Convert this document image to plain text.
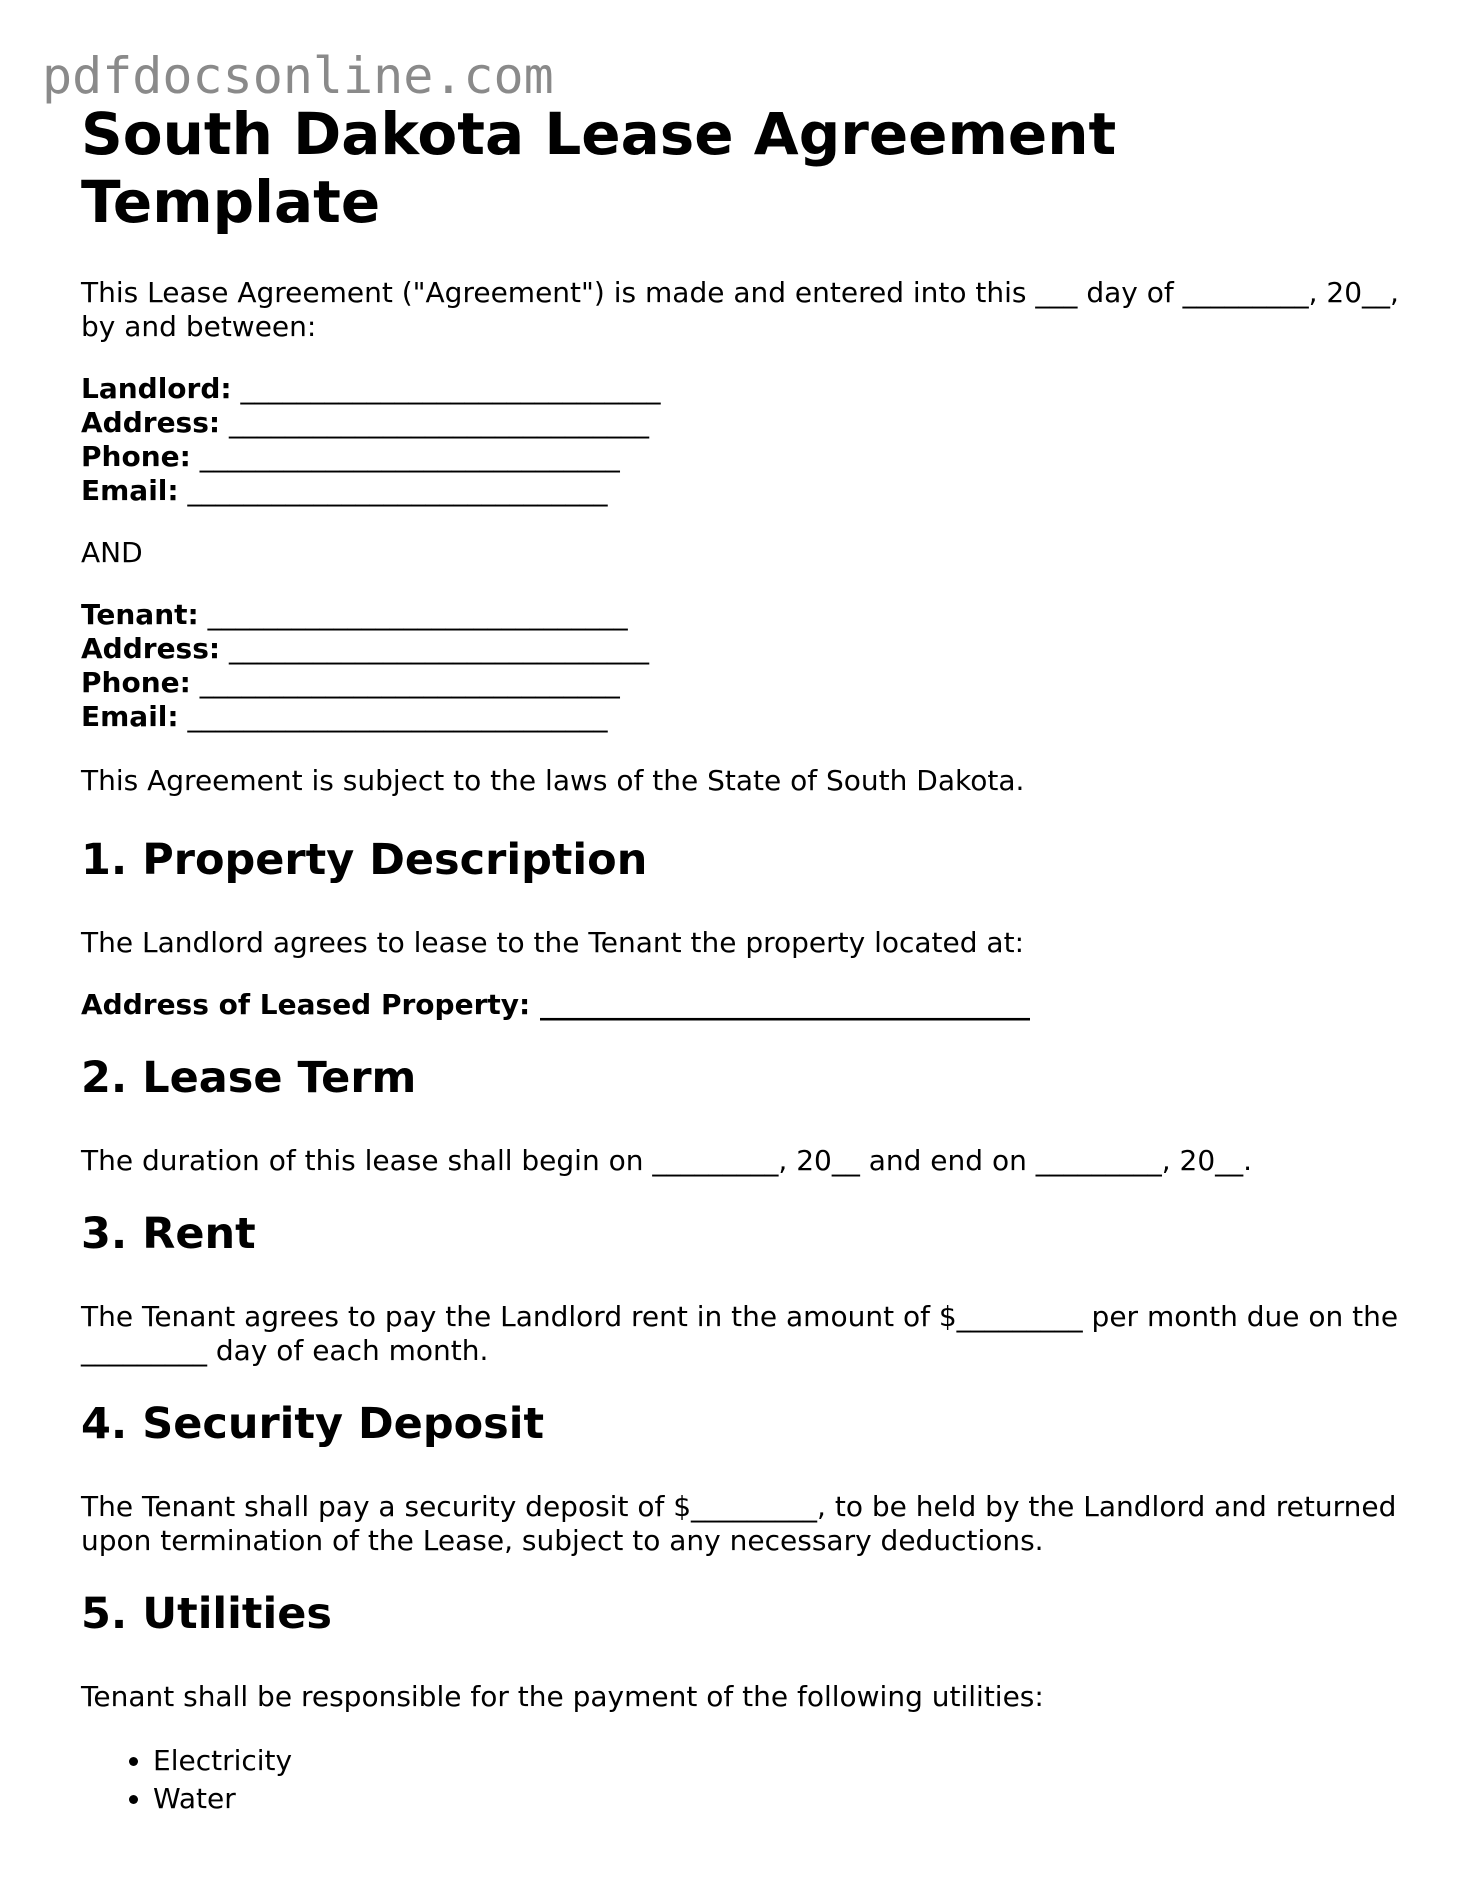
pdfdocsonline.com
South Dakota Lease Agreement Template

This Lease Agreement ("Agreement") is made and entered into this ___ day of _________, 20__, by and between:

Landlord: ______________________________
Address: ______________________________
Phone: ______________________________
Email: ______________________________

AND

Tenant: ______________________________
Address: ______________________________
Phone: ______________________________
Email: ______________________________

This Agreement is subject to the laws of the State of South Dakota.

1. Property Description

The Landlord agrees to lease to the Tenant the property located at:

Address of Leased Property: ___________________________________
2. Lease Term

The duration of this lease shall begin on _________, 20__ and end on _________, 20__.

3. Rent

The Tenant agrees to pay the Landlord rent in the amount of $_________ per month due on the _________ day of each month.

4. Security Deposit

The Tenant shall pay a security deposit of $_________, to be held by the Landlord and returned upon termination of the Lease, subject to any necessary deductions.

5. Utilities

Tenant shall be responsible for the payment of the following utilities:

• Electricity
• Water
